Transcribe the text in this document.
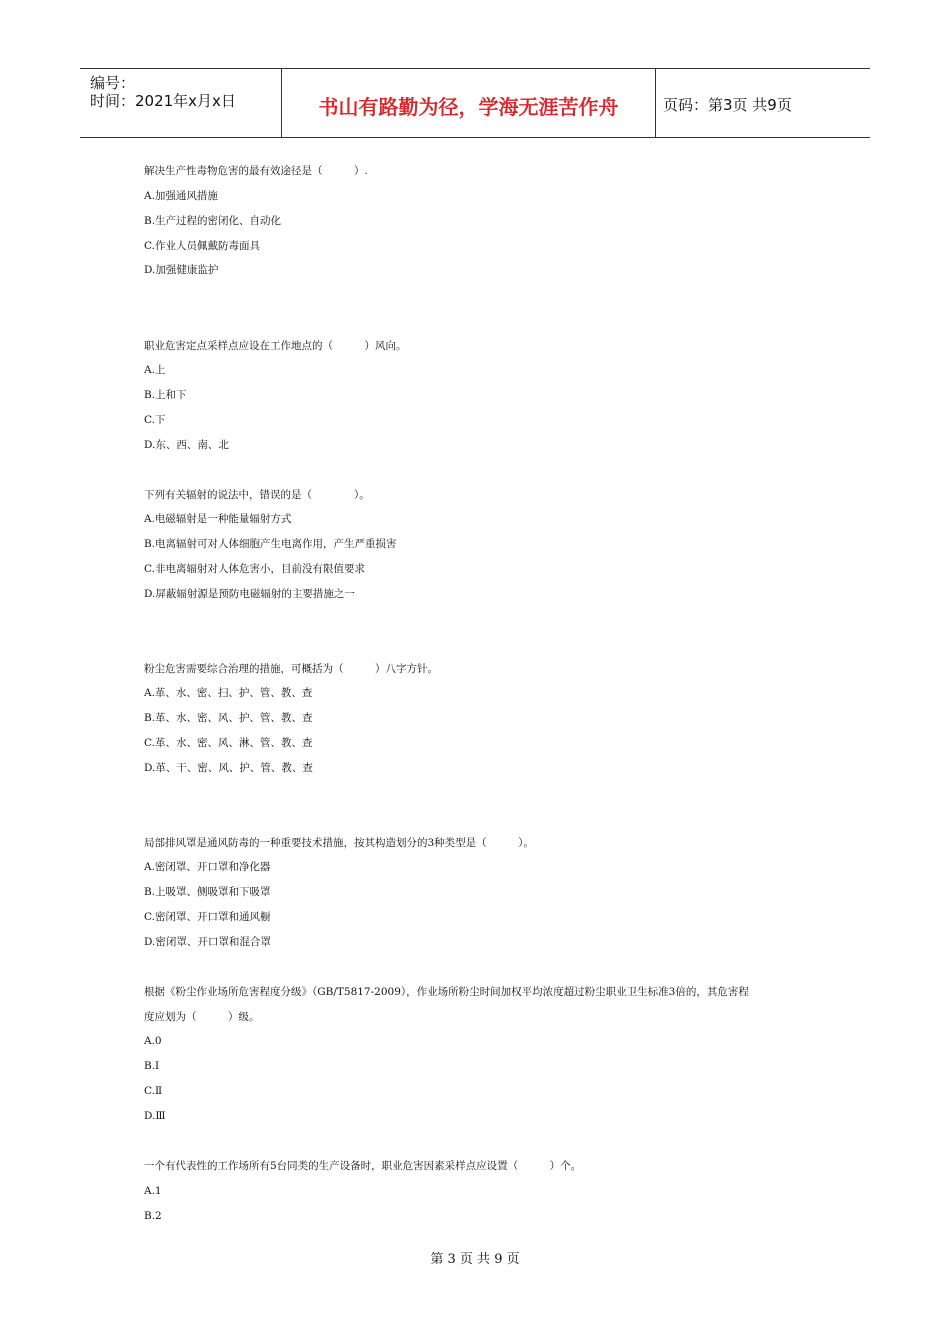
编号：
时间：2021年x月x日	书山有路勤为径，学海无涯苦作舟	页码：第3页 共9页
解决生产性毒物危害的最有效途径是（　　　）.
A.加强通风措施
B.生产过程的密闭化、自动化
C.作业人员佩戴防毒面具
D.加强健康监护
职业危害定点采样点应设在工作地点的（　　　）风向。
A.上
B.上和下
C.下
D.东、西、南、北
下列有关辐射的说法中，错误的是（　　　　）。
A.电磁辐射是一种能量辐射方式
B.电离辐射可对人体细胞产生电离作用，产生严重损害
C.非电离辐射对人体危害小，目前没有限值要求
D.屏蔽辐射源是预防电磁辐射的主要措施之一
粉尘危害需要综合治理的措施，可概括为（　　　）八字方针。
A.革、水、密、扫、护、管、教、查
B.革、水、密、风、护、管、教、查
C.革、水、密、风、淋、管、教、查
D.革、干、密、风、护、管、教、查
局部排风罩是通风防毒的一种重要技术措施，按其构造划分的3种类型是（　　　）。
A.密闭罩、开口罩和净化器
B.上吸罩、侧吸罩和下吸罩
C.密闭罩、开口罩和通风橱
D.密闭罩、开口罩和混合罩
根据《粉尘作业场所危害程度分级》（GB/T5817-2009），作业场所粉尘时间加权平均浓度超过粉尘职业卫生标准3倍的，其危害程
度应划为（　　　）级。
A.0
B.Ⅰ
C.Ⅱ
D.Ⅲ
一个有代表性的工作场所有5台同类的生产设备时，职业危害因素采样点应设置（　　　）个。
A.1
B.2
第 3 页 共 9 页
